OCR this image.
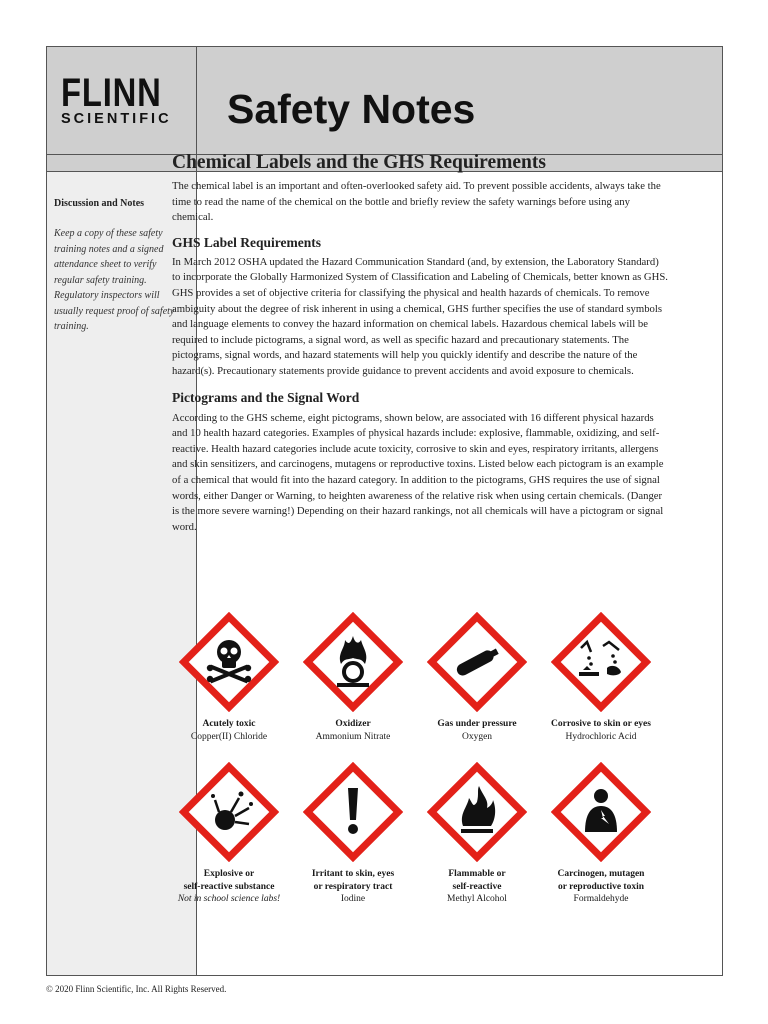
FLINN
SCIENTIFIC Safety Notes
Discussion and Notes

Keep a copy of these safety training notes and a signed attendance sheet to verify regular safety training. Regulatory inspectors will usually request proof of safety training.

Chemical Labels and the GHS Requirements

The chemical label is an important and often-overlooked safety aid. To prevent possible accidents, always take the time to read the name of the chemical on the bottle and briefly review the safety warnings before using any chemical.

GHS Label Requirements

In March 2012 OSHA updated the Hazard Communication Standard (and, by extension, the Laboratory Standard) to incorporate the Globally Harmonized System of Classification and Labeling of Chemicals, better known as GHS. GHS provides a set of objective criteria for classifying the physical and health hazards of chemicals. To remove ambiguity about the degree of risk inherent in using a chemical, GHS further specifies the use of standard symbols and language elements to convey the hazard information on chemical labels. Hazardous chemical labels will be required to include pictograms, a signal word, as well as specific hazard and precautionary statements. The pictograms, signal words, and hazard statements will help you quickly identify and describe the nature of the hazard(s). Precautionary statements provide guidance to prevent accidents and avoid exposure to chemicals.

Pictograms and the Signal Word

According to the GHS scheme, eight pictograms, shown below, are associated with 16 different physical hazards and 10 health hazard categories. Examples of physical hazards include: explosive, flammable, oxidizing, and self-reactive. Health hazard categories include acute toxicity, corrosive to skin and eyes, respiratory irritants, allergens and skin sensitizers, and carcinogens, mutagens or reproductive toxins. Listed below each pictogram is an example of a chemical that would fit into the hazard category. In addition to the pictograms, GHS requires the use of signal words, either Danger or Warning, to heighten awareness of the relative risk when using certain chemicals. (Danger is the more severe warning!) Depending on their hazard rankings, not all chemicals will have a pictogram or signal word.

Acutely toxic
Copper(II) Chloride
Oxidizer
Ammonium Nitrate
Gas under pressure
Oxygen
Corrosive to skin or eyes
Hydrochloric Acid
Explosive or
self-reactive substance
Not in school science labs!
Irritant to skin, eyes
or respiratory tract
Iodine
Flammable or
self-reactive
Methyl Alcohol
Carcinogen, mutagen
or reproductive toxin
Formaldehyde
© 2020 Flinn Scientific, Inc. All Rights Reserved.
